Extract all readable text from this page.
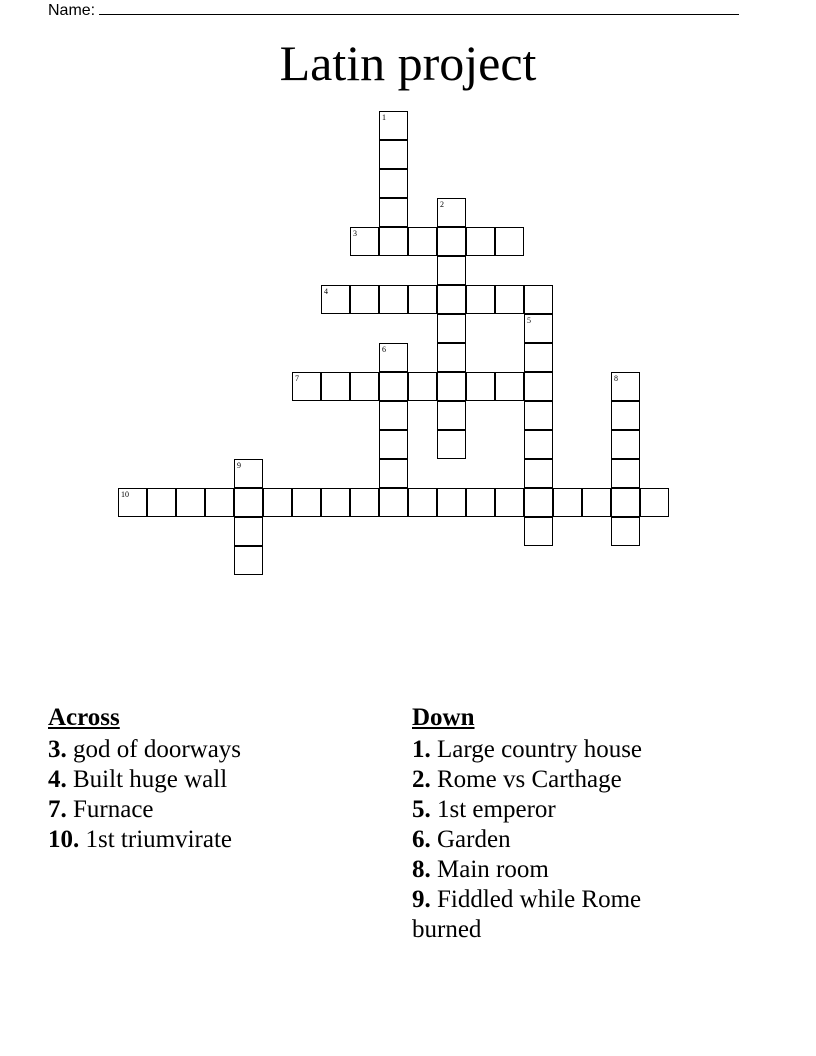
Name:
Latin project
1
2
3
4
5
6
7	8
9
10
Across
3. god of doorways
4. Built huge wall
7. Furnace
10. 1st triumvirate
Down
1. Large country house
2. Rome vs Carthage
5. 1st emperor
6. Garden
8. Main room
9. Fiddled while Rome burned
